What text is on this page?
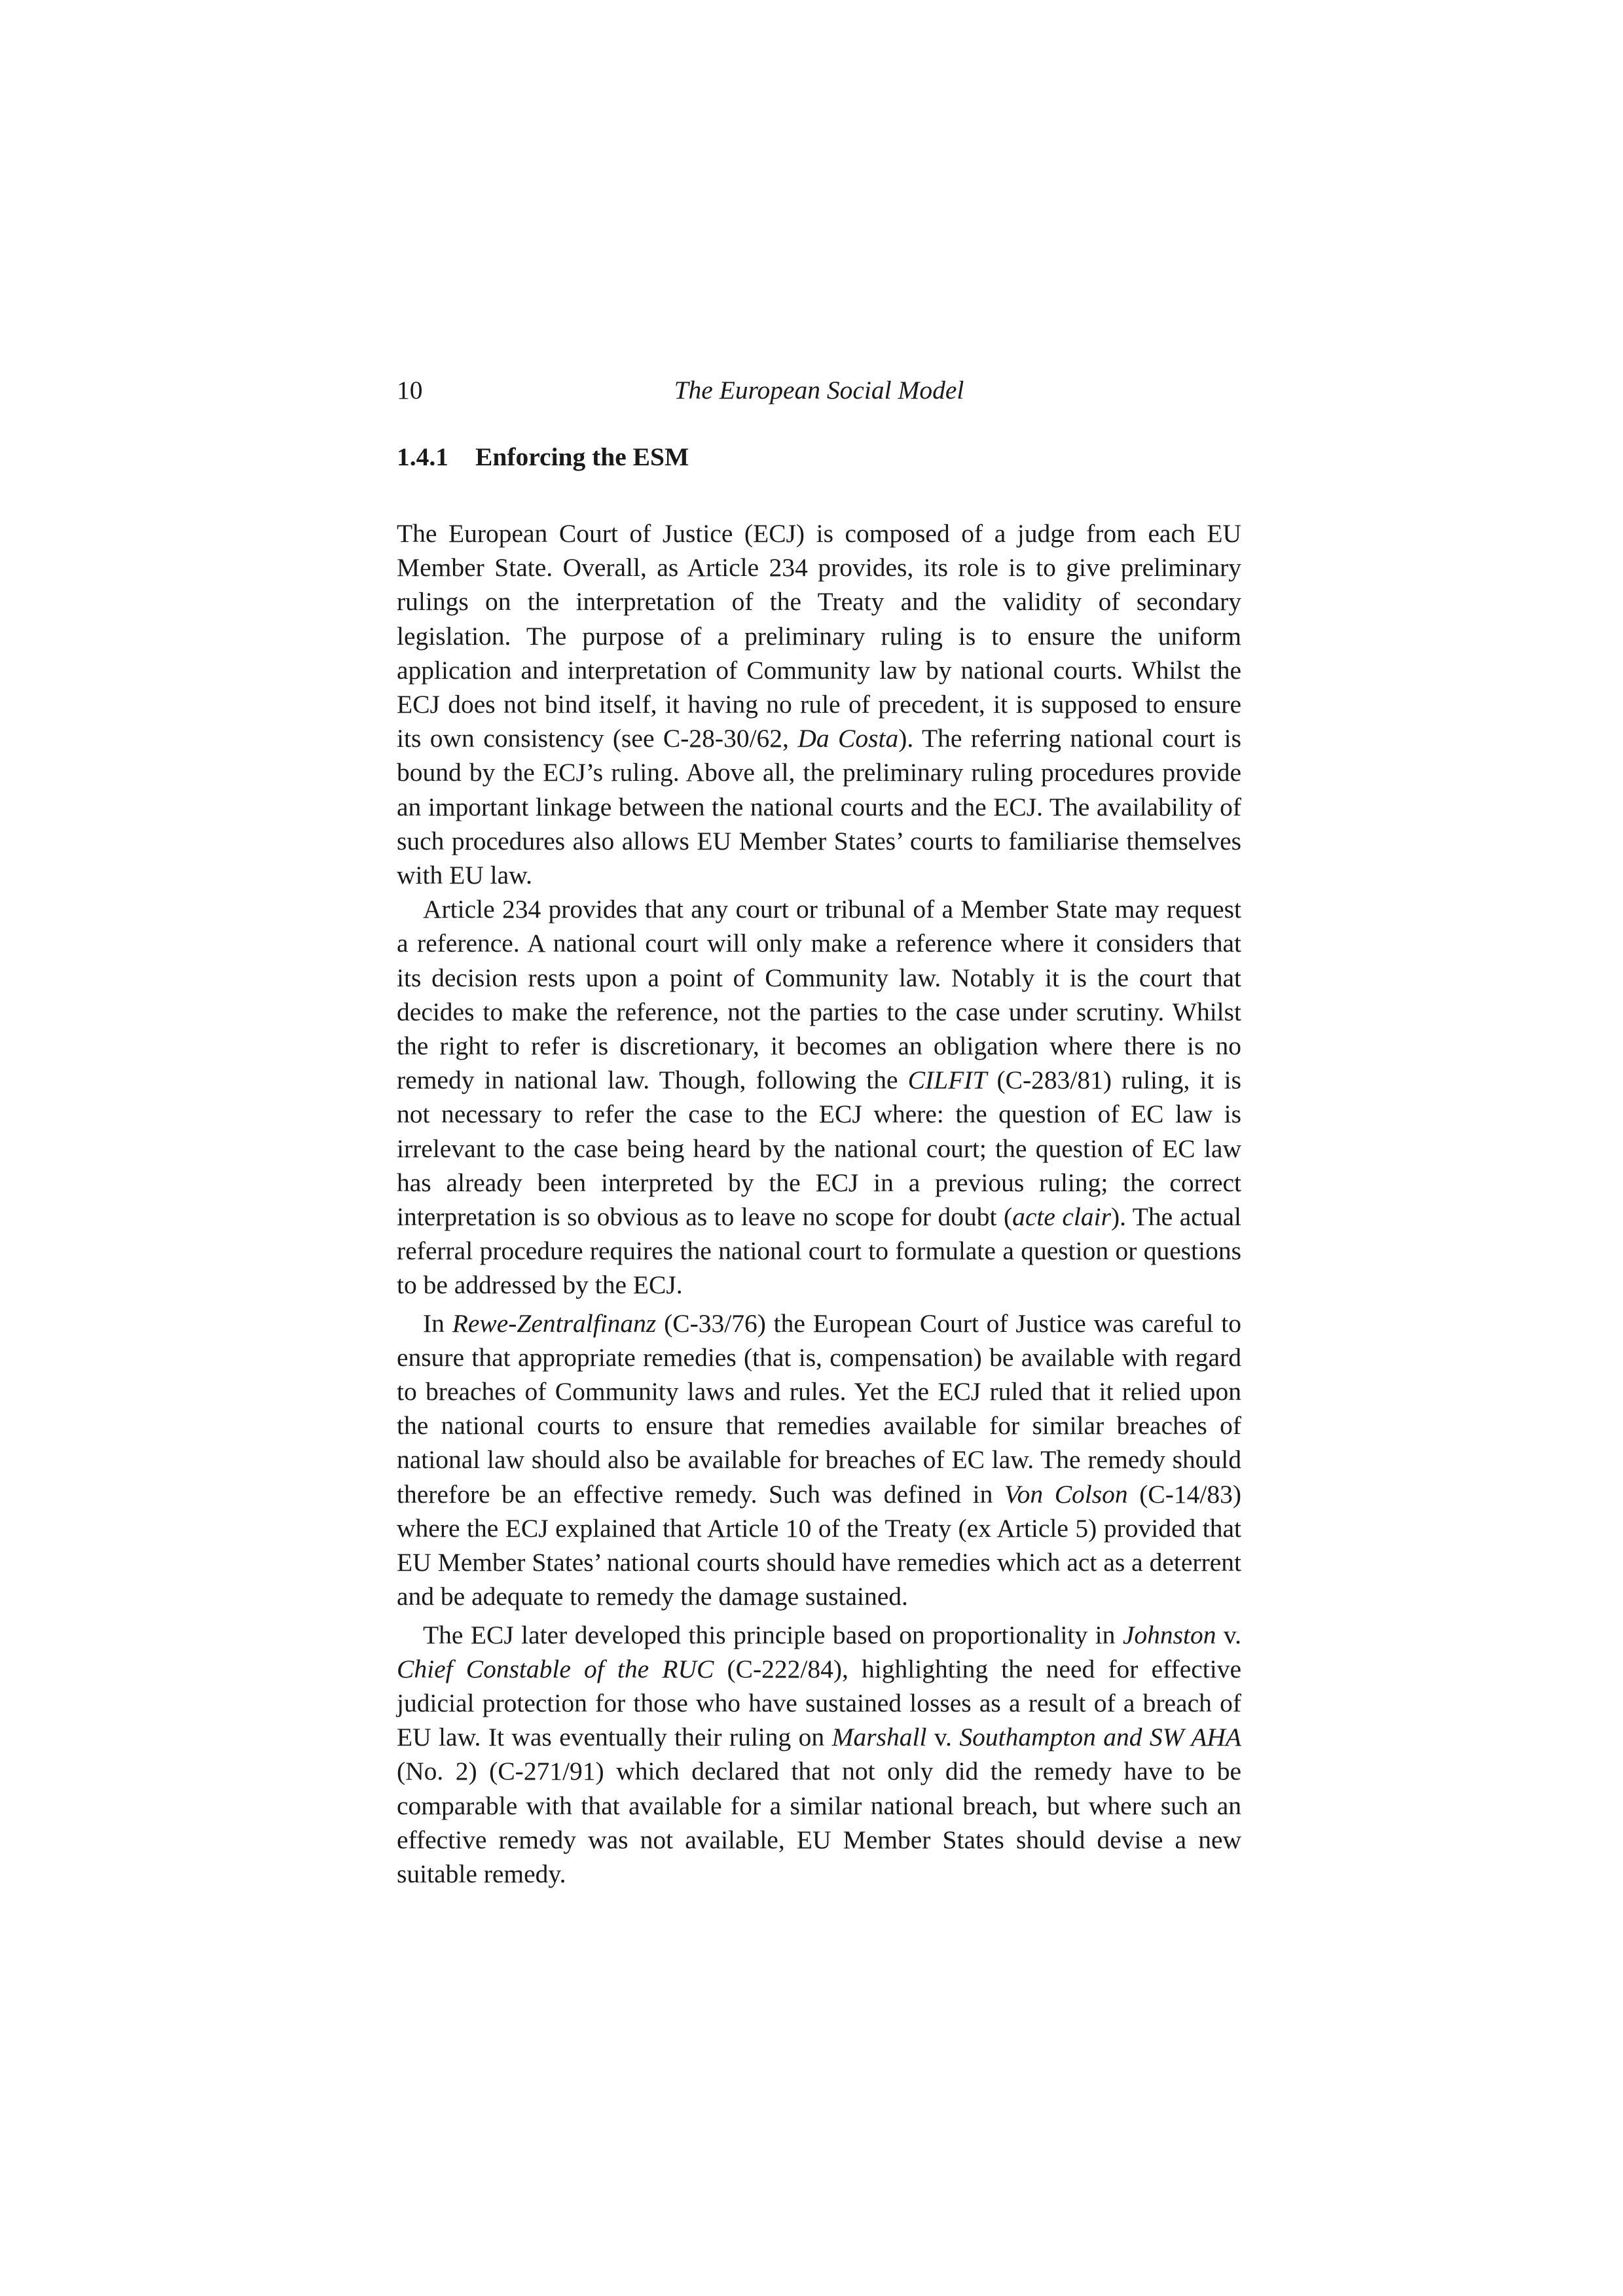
10	The European Social Model
1.4.1 Enforcing the ESM

The European Court of Justice (ECJ) is composed of a judge from each EU Member State. Overall, as Article 234 provides, its role is to give preliminary rulings on the interpretation of the Treaty and the validity of secondary legislation. The purpose of a preliminary ruling is to ensure the uniform application and interpretation of Community law by national courts. Whilst the ECJ does not bind itself, it having no rule of precedent, it is supposed to ensure its own consistency (see C-28-30/62, Da Costa). The referring national court is bound by the ECJ’s ruling. Above all, the preliminary ruling procedures provide an important linkage between the national courts and the ECJ. The availability of such procedures also allows EU Member States’ courts to familiarise themselves with EU law.

Article 234 provides that any court or tribunal of a Member State may request a reference. A national court will only make a reference where it considers that its decision rests upon a point of Community law. Notably it is the court that decides to make the reference, not the parties to the case under scrutiny. Whilst the right to refer is discretionary, it becomes an obligation where there is no remedy in national law. Though, following the CILFIT (C-283/81) ruling, it is not necessary to refer the case to the ECJ where: the question of EC law is irrelevant to the case being heard by the national court; the question of EC law has already been interpreted by the ECJ in a previous ruling; the correct interpretation is so obvious as to leave no scope for doubt (acte clair). The actual referral procedure requires the national court to formulate a question or questions to be addressed by the ECJ.

In Rewe-Zentralfinanz (C-33/76) the European Court of Justice was careful to ensure that appropriate remedies (that is, compensation) be available with regard to breaches of Community laws and rules. Yet the ECJ ruled that it relied upon the national courts to ensure that remedies available for similar breaches of national law should also be available for breaches of EC law. The remedy should therefore be an effective remedy. Such was defined in Von Colson (C-14/83) where the ECJ explained that Article 10 of the Treaty (ex Article 5) provided that EU Member States’ national courts should have remedies which act as a deterrent and be adequate to remedy the damage sustained.

The ECJ later developed this principle based on proportionality in Johnston v. Chief Constable of the RUC (C-222/84), highlighting the need for effective judicial protection for those who have sustained losses as a result of a breach of EU law. It was eventually their ruling on Marshall v. Southampton and SW AHA (No. 2) (C-271/91) which declared that not only did the remedy have to be comparable with that available for a similar national breach, but where such an effective remedy was not available, EU Member States should devise a new suitable remedy.
